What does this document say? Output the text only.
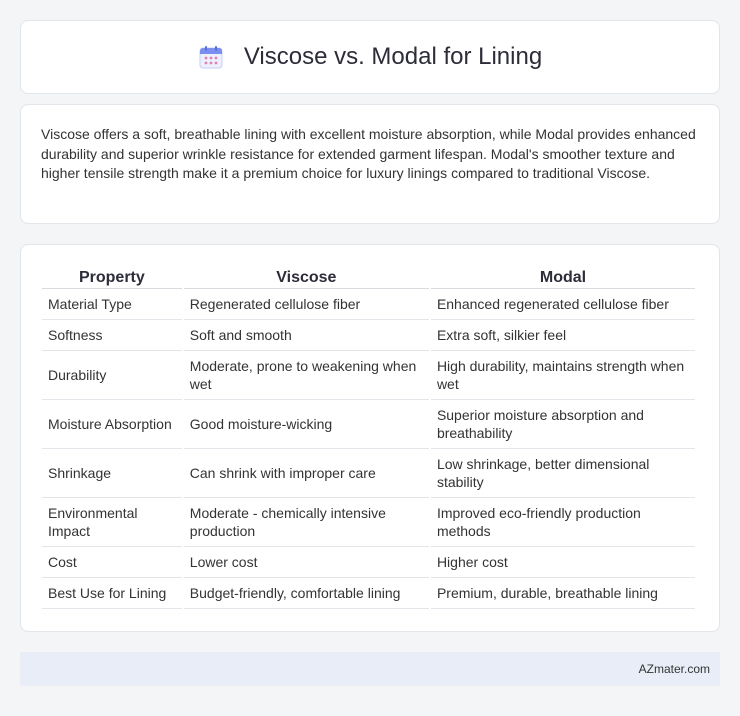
Viscose vs. Modal for Lining

Viscose offers a soft, breathable lining with excellent moisture absorption, while Modal provides enhanced durability and superior wrinkle resistance for extended garment lifespan. Modal's smoother texture and higher tensile strength make it a premium choice for luxury linings compared to traditional Viscose.

Property	Viscose	Modal
Material Type	Regenerated cellulose fiber	Enhanced regenerated cellulose fiber
Softness	Soft and smooth	Extra soft, silkier feel
Durability	Moderate, prone to weakening when wet	High durability, maintains strength when wet
Moisture Absorption	Good moisture-wicking	Superior moisture absorption and breathability
Shrinkage	Can shrink with improper care	Low shrinkage, better dimensional stability
Environmental Impact	Moderate - chemically intensive production	Improved eco-friendly production methods
Cost	Lower cost	Higher cost
Best Use for Lining	Budget-friendly, comfortable lining	Premium, durable, breathable lining
AZmater.com
